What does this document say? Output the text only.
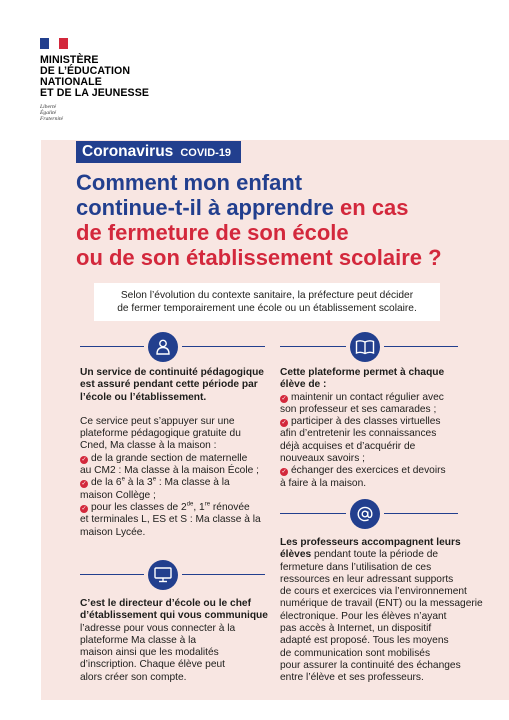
MINISTÈRE
DE L’ÉDUCATION
NATIONALE
ET DE LA JEUNESSE
Liberté
Égalité
Fraternité
Coronavirus COVID-19
Comment mon enfant
continue-t-il à apprendre en cas
de fermeture de son école
ou de son établissement scolaire ?
Selon l’évolution du contexte sanitaire, la préfecture peut décider
de fermer temporairement une école ou un établissement scolaire.
Un service de continuité pédagogique
est assuré pendant cette période par
l’école ou l’établissement.
Ce service peut s’appuyer sur une
plateforme pédagogique gratuite du
Cned, Ma classe à la maison :
✓ de la grande section de maternelle
au CM2 : Ma classe à la maison École ;
✓ de la 6e à la 3e : Ma classe à la
maison Collège ;
✓ pour les classes de 2de, 1re rénovée
et terminales L, ES et S : Ma classe à la
maison Lycée.
C’est le directeur d’école ou le chef
d’établissement qui vous communique
l’adresse pour vous connecter à la
plateforme Ma classe à la
maison ainsi que les modalités
d’inscription. Chaque élève peut
alors créer son compte.
Cette plateforme permet à chaque
élève de :
✓ maintenir un contact régulier avec
son professeur et ses camarades ;
✓ participer à des classes virtuelles
afin d’entretenir les connaissances
déjà acquises et d’acquérir de
nouveaux savoirs ;
✓ échanger des exercices et devoirs
à faire à la maison.
Les professeurs accompagnent leurs
élèves pendant toute la période de
fermeture dans l’utilisation de ces
ressources en leur adressant supports
de cours et exercices via l’environnement
numérique de travail (ENT) ou la messagerie
électronique. Pour les élèves n’ayant
pas accès à Internet, un dispositif
adapté est proposé. Tous les moyens
de communication sont mobilisés
pour assurer la continuité des échanges
entre l’élève et ses professeurs.
